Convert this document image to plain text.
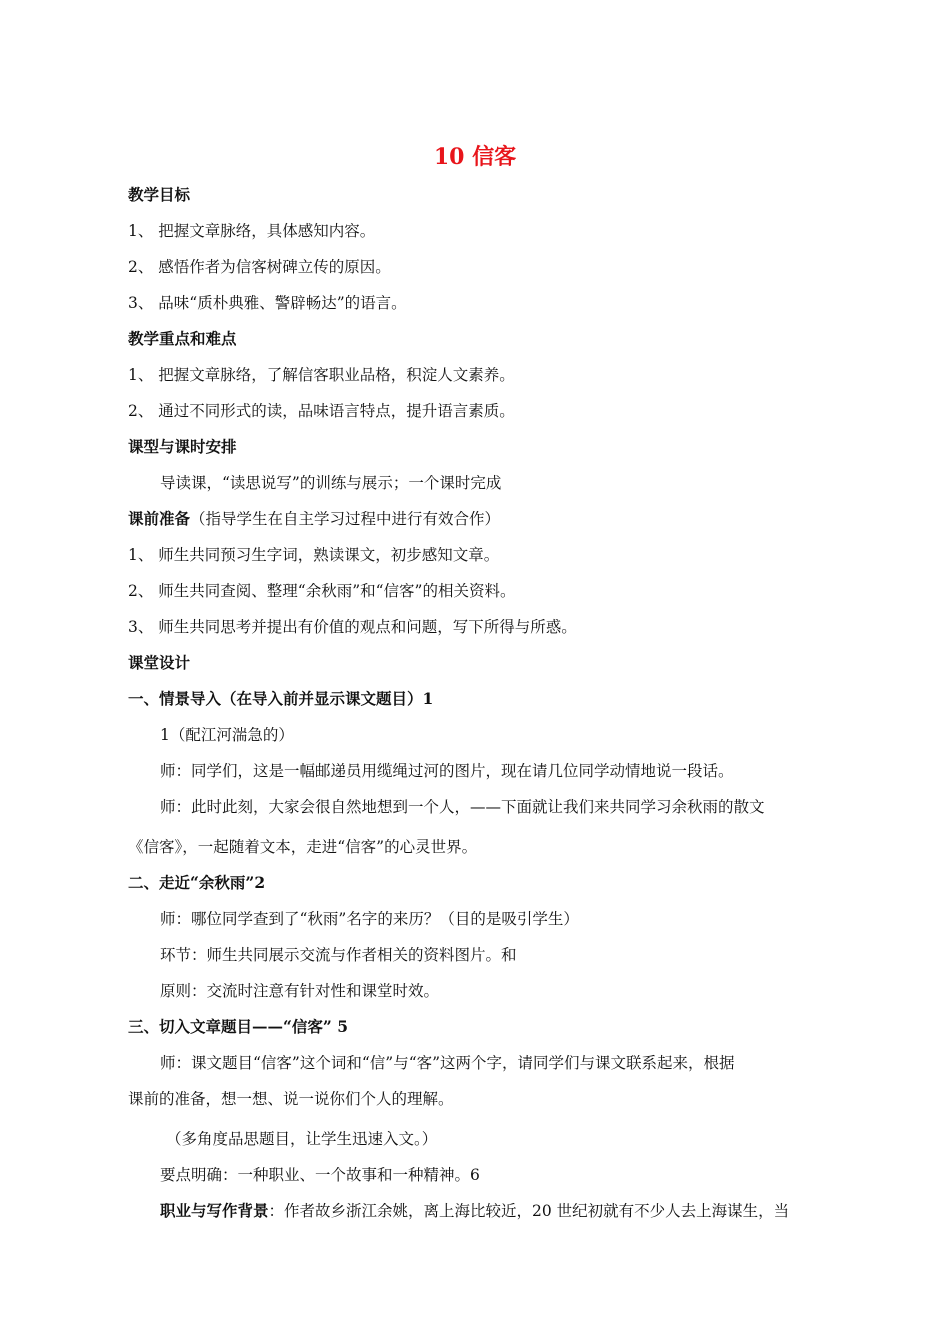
10 信客
教学目标
1、 把握文章脉络，具体感知内容。
2、 感悟作者为信客树碑立传的原因。
3、 品味“质朴典雅、警辟畅达”的语言。
教学重点和难点
1、 把握文章脉络，了解信客职业品格，积淀人文素养。
2、 通过不同形式的读，品味语言特点，提升语言素质。
课型与课时安排
导读课，“读思说写”的训练与展示；一个课时完成
课前准备（指导学生在自主学习过程中进行有效合作）
1、 师生共同预习生字词，熟读课文，初步感知文章。
2、 师生共同查阅、整理“余秋雨”和“信客”的相关资料。
3、 师生共同思考并提出有价值的观点和问题，写下所得与所惑。
课堂设计
一、情景导入（在导入前并显示课文题目）1
1（配江河湍急的）
师：同学们，这是一幅邮递员用缆绳过河的图片，现在请几位同学动情地说一段话。
师：此时此刻，大家会很自然地想到一个人，——下面就让我们来共同学习余秋雨的散文
《信客》，一起随着文本，走进“信客”的心灵世界。
二、走近“余秋雨”2
师：哪位同学查到了“秋雨”名字的来历？（目的是吸引学生）
环节：师生共同展示交流与作者相关的资料图片。和
原则：交流时注意有针对性和课堂时效。
三、切入文章题目——“信客” 5
师：课文题目“信客”这个词和“信”与“客”这两个字，请同学们与课文联系起来，根据
课前的准备，想一想、说一说你们个人的理解。
（多角度品思题目，让学生迅速入文。）
要点明确：一种职业、一个故事和一种精神。6
职业与写作背景：作者故乡浙江余姚，离上海比较近，20 世纪初就有不少人去上海谋生，当
